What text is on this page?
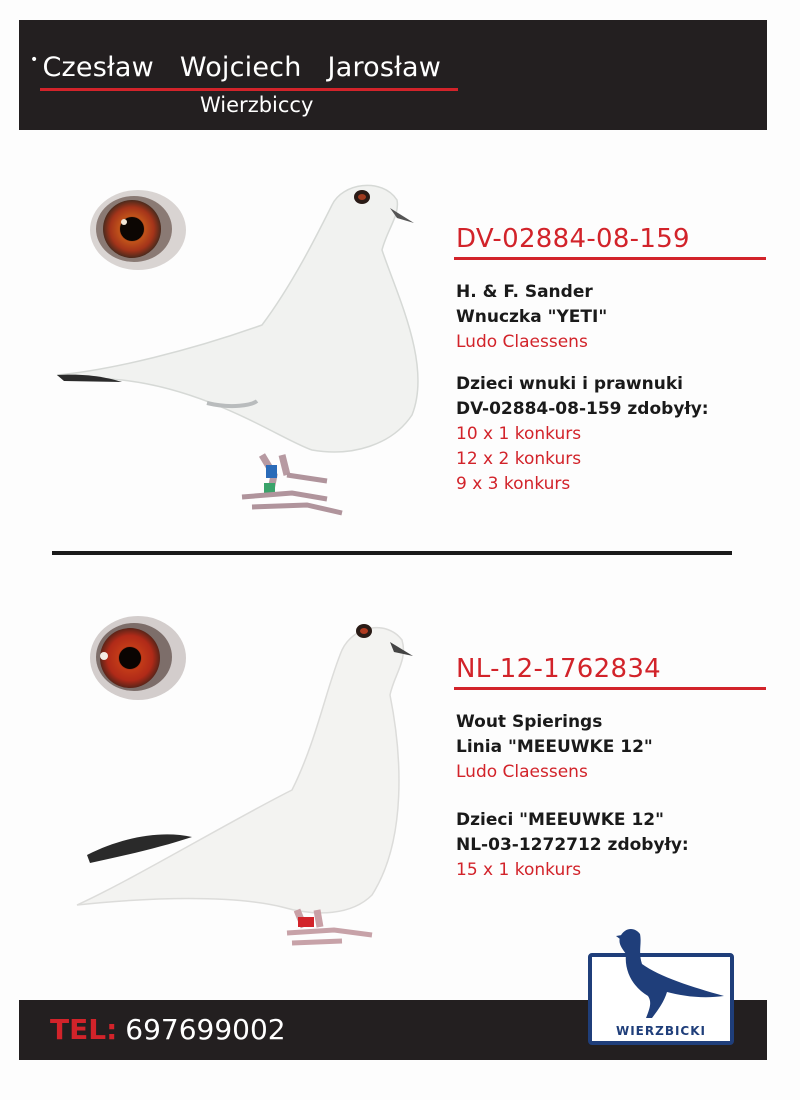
• Czesław Wojciech Jarosław
Wierzbiccy
DV-02884-08-159
H. & F. Sander
Wnuczka "YETI"
Ludo Claessens
Dzieci wnuki i prawnuki
DV-02884-08-159 zdobyły:
10 x 1 konkurs
12 x 2 konkurs
9 x 3 konkurs
NL-12-1762834
Wout Spierings
Linia "MEEUWKE 12"
Ludo Claessens
Dzieci "MEEUWKE 12"
NL-03-1272712 zdobyły:
15 x 1 konkurs
TEL: 697699002	WIERZBICKI
